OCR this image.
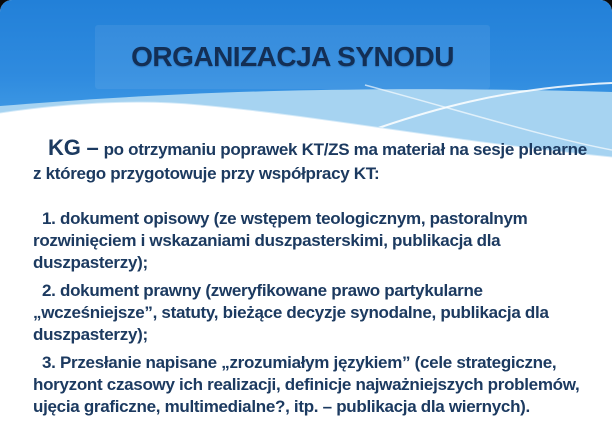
ORGANIZACJA SYNODU

KG – po otrzymaniu poprawek KT/ZS ma materiał na sesje plenarne z którego przygotowuje przy współpracy KT:

1. dokument opisowy (ze wstępem teologicznym, pastoralnym rozwinięciem i wskazaniami duszpasterskimi, publikacja dla duszpasterzy);

2. dokument prawny (zweryfikowane prawo partykularne „wcześniejsze”, statuty, bieżące decyzje synodalne, publikacja dla duszpasterzy);

3. Przesłanie napisane „zrozumiałym językiem” (cele strategiczne, horyzont czasowy ich realizacji, definicje najważniejszych problemów, ujęcia graficzne, multimedialne?, itp. – publikacja dla wiernych).
